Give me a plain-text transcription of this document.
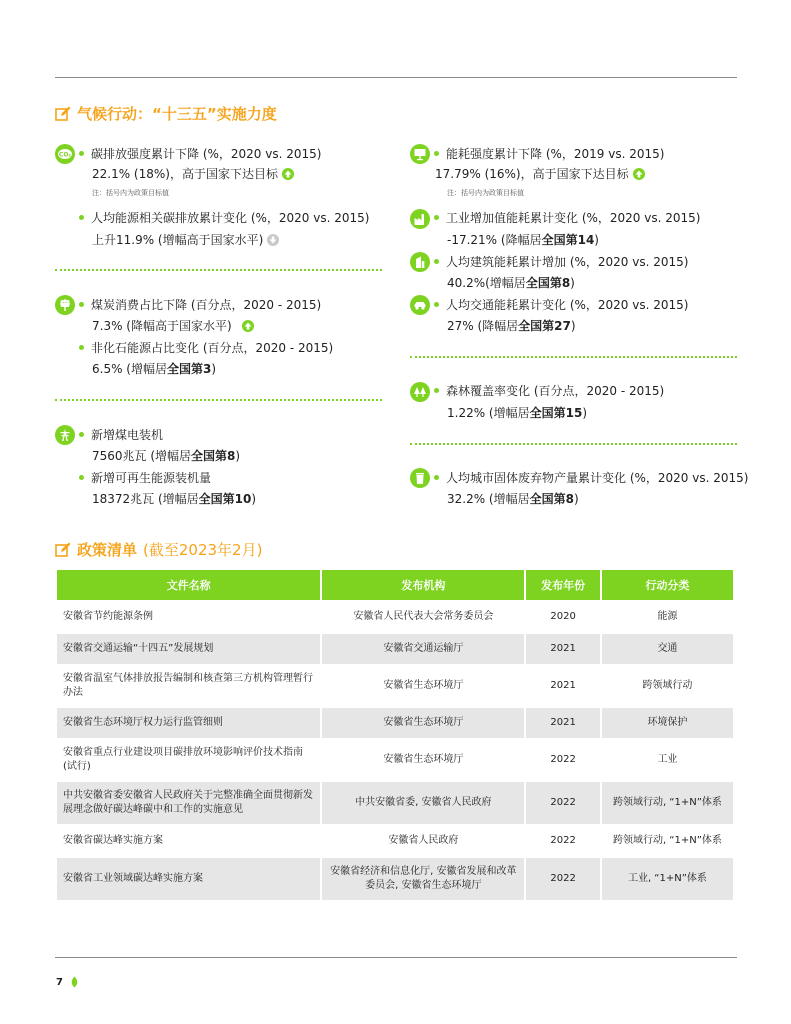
气候行动：“十三五”实施力度
CO₂	碳排放强度累计下降 (%，2020 vs. 2015)
22.1% (18%)，高于国家下达目标
注：括号内为政策目标值
人均能源相关碳排放累计变化 (%，2020 vs. 2015)
上升11.9% (增幅高于国家水平)
煤炭消费占比下降 (百分点，2020 - 2015)
7.3% (降幅高于国家水平)
非化石能源占比变化 (百分点，2020 - 2015)
6.5% (增幅居全国第3)
新增煤电装机
7560兆瓦 (增幅居全国第8)
新增可再生能源装机量
18372兆瓦 (增幅居全国第10)
能耗强度累计下降 (%，2019 vs. 2015)
17.79% (16%)，高于国家下达目标
注：括号内为政策目标值
工业增加值能耗累计变化 (%，2020 vs. 2015)
-17.21% (降幅居全国第14)
人均建筑能耗累计增加 (%，2020 vs. 2015)
40.2%(增幅居全国第8)
人均交通能耗累计变化 (%，2020 vs. 2015)
27% (降幅居全国第27)
森林覆盖率变化 (百分点，2020 - 2015)
1.22% (增幅居全国第15)
人均城市固体废弃物产量累计变化 (%，2020 vs. 2015)
32.2% (增幅居全国第8)
政策清单 (截至2023年2月)
文件名称	发布机构	发布年份	行动分类
安徽省节约能源条例	安徽省人民代表大会常务委员会	2020	能源
安徽省交通运输“十四五”发展规划	安徽省交通运输厅	2021	交通
安徽省温室气体排放报告编制和核查第三方机构管理暂行办法	安徽省生态环境厅	2021	跨领域行动
安徽省生态环境厅权力运行监管细则	安徽省生态环境厅	2021	环境保护
安徽省重点行业建设项目碳排放环境影响评价技术指南(试行)	安徽省生态环境厅	2022	工业
中共安徽省委安徽省人民政府关于完整准确全面贯彻新发展理念做好碳达峰碳中和工作的实施意见	中共安徽省委, 安徽省人民政府	2022	跨领域行动, “1+N”体系
安徽省碳达峰实施方案	安徽省人民政府	2022	跨领域行动, “1+N”体系
安徽省工业领域碳达峰实施方案	安徽省经济和信息化厅, 安徽省发展和改革委员会, 安徽省生态环境厅	2022	工业, “1+N”体系
7
